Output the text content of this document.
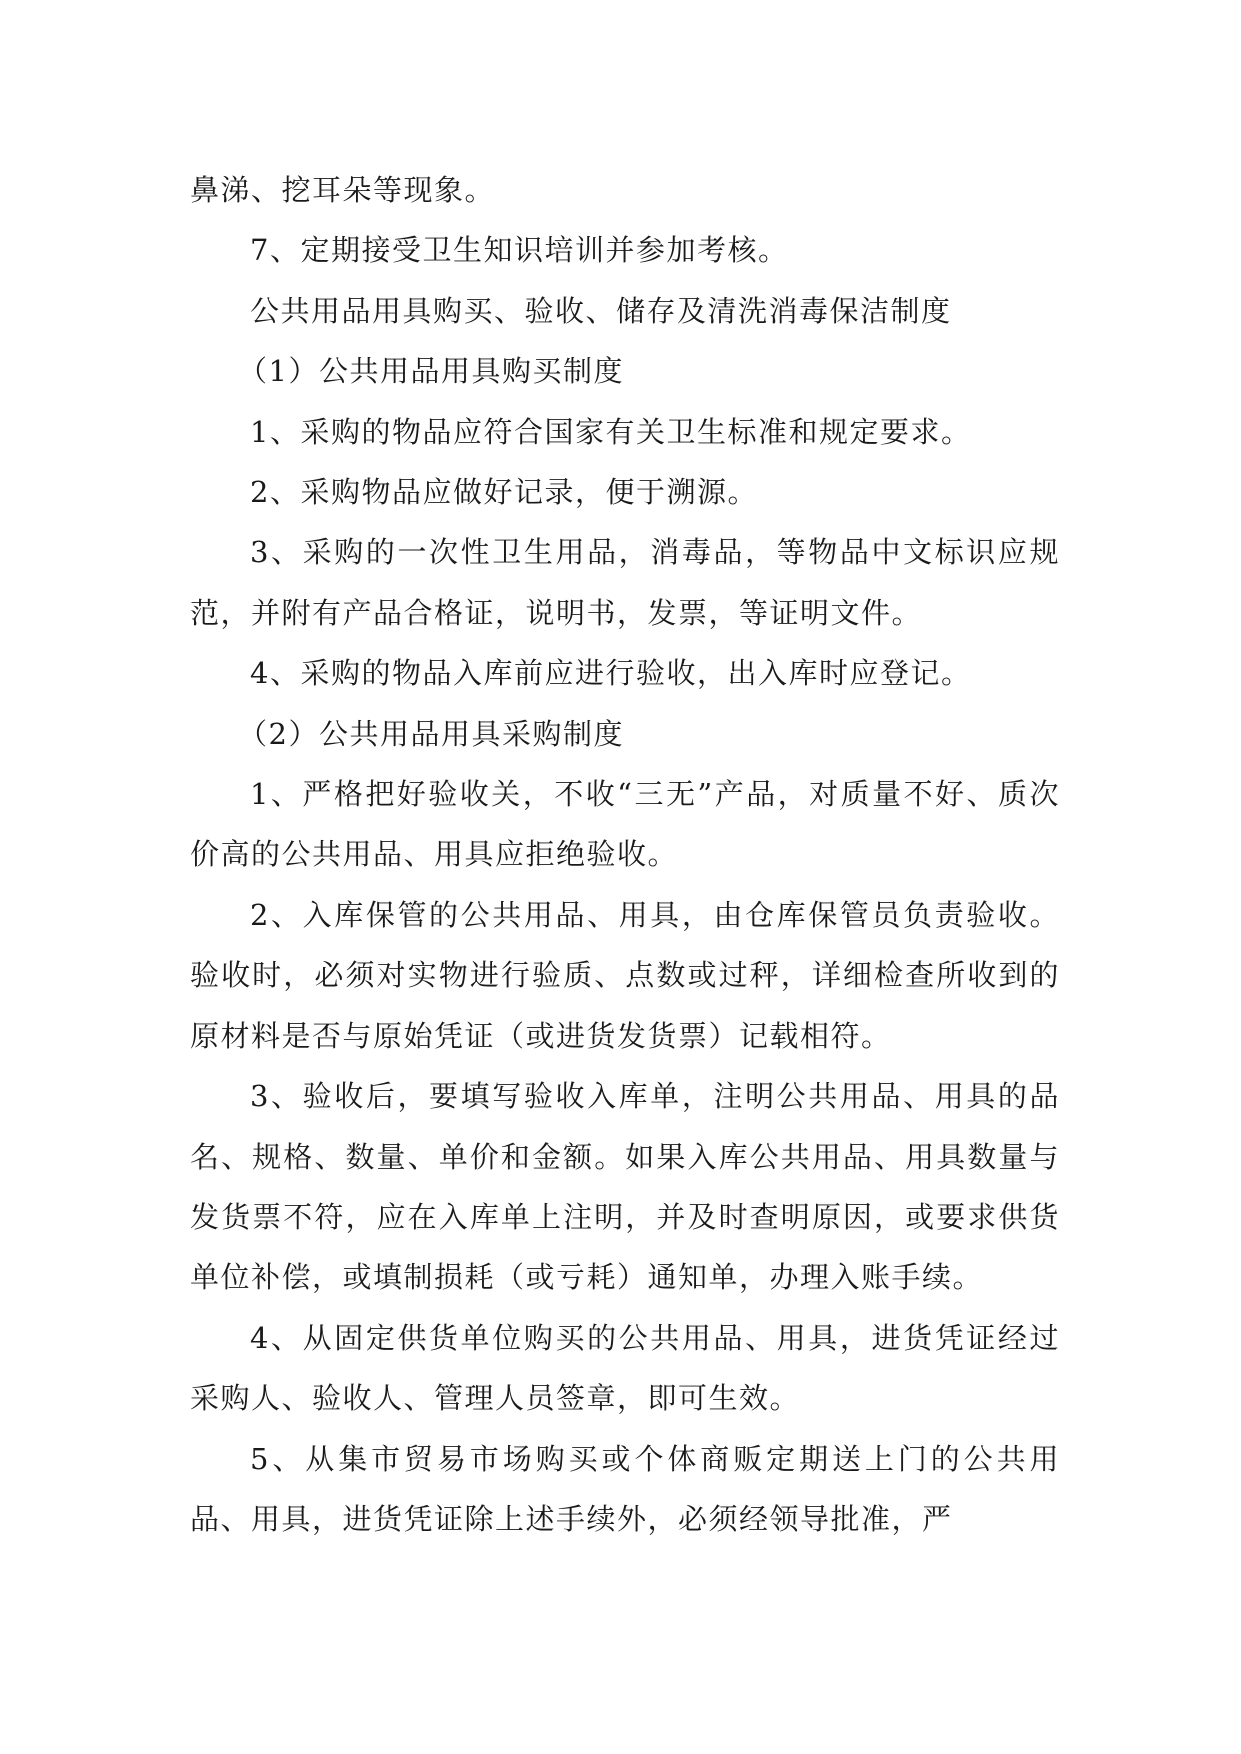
鼻涕、挖耳朵等现象。

7、定期接受卫生知识培训并参加考核。

公共用品用具购买、验收、储存及清洗消毒保洁制度

（1）公共用品用具购买制度

1、采购的物品应符合国家有关卫生标准和规定要求。

2、采购物品应做好记录，便于溯源。

3、采购的一次性卫生用品，消毒品，等物品中文标识应规范，并附有产品合格证，说明书，发票，等证明文件。

4、采购的物品入库前应进行验收，出入库时应登记。

（2）公共用品用具采购制度

1、严格把好验收关，不收“三无”产品，对质量不好、质次价高的公共用品、用具应拒绝验收。

2、入库保管的公共用品、用具，由仓库保管员负责验收。验收时，必须对实物进行验质、点数或过秤，详细检查所收到的原材料是否与原始凭证（或进货发货票）记载相符。

3、验收后，要填写验收入库单，注明公共用品、用具的品名、规格、数量、单价和金额。如果入库公共用品、用具数量与发货票不符，应在入库单上注明，并及时查明原因，或要求供货单位补偿，或填制损耗（或亏耗）通知单，办理入账手续。

4、从固定供货单位购买的公共用品、用具，进货凭证经过采购人、验收人、管理人员签章，即可生效。

5、从集市贸易市场购买或个体商贩定期送上门的公共用品、用具，进货凭证除上述手续外，必须经领导批准，严
